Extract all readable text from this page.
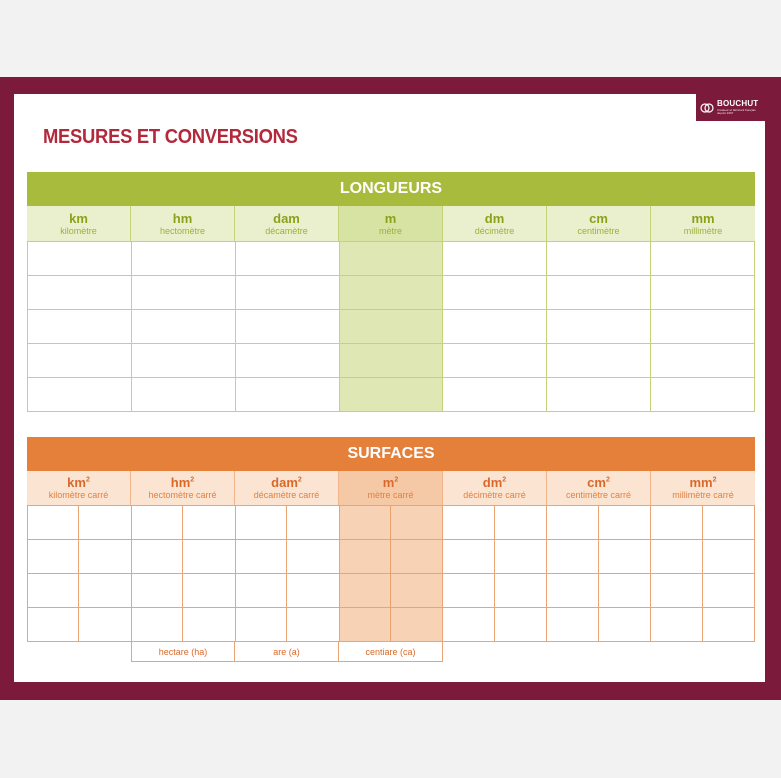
BOUCHUT
Créateur et fabricant français depuis 1997
MESURES ET CONVERSIONS
LONGUEURS
km
kilomètre
hm
hectomètre
dam
décamètre
m
mètre
dm
décimètre
cm
centimètre
mm
millimètre
SURFACES
$km^2$
kilomètre carré
$hm^2$
hectomètre carré
dam$^2$
décamètre carré
$m^2$
mètre carré
$dm^2$
décimètre carré
$cm^2$
centimètre carré
$mm^2$
millimètre carré
hectare (ha)	are (a)	centiare (ca)
